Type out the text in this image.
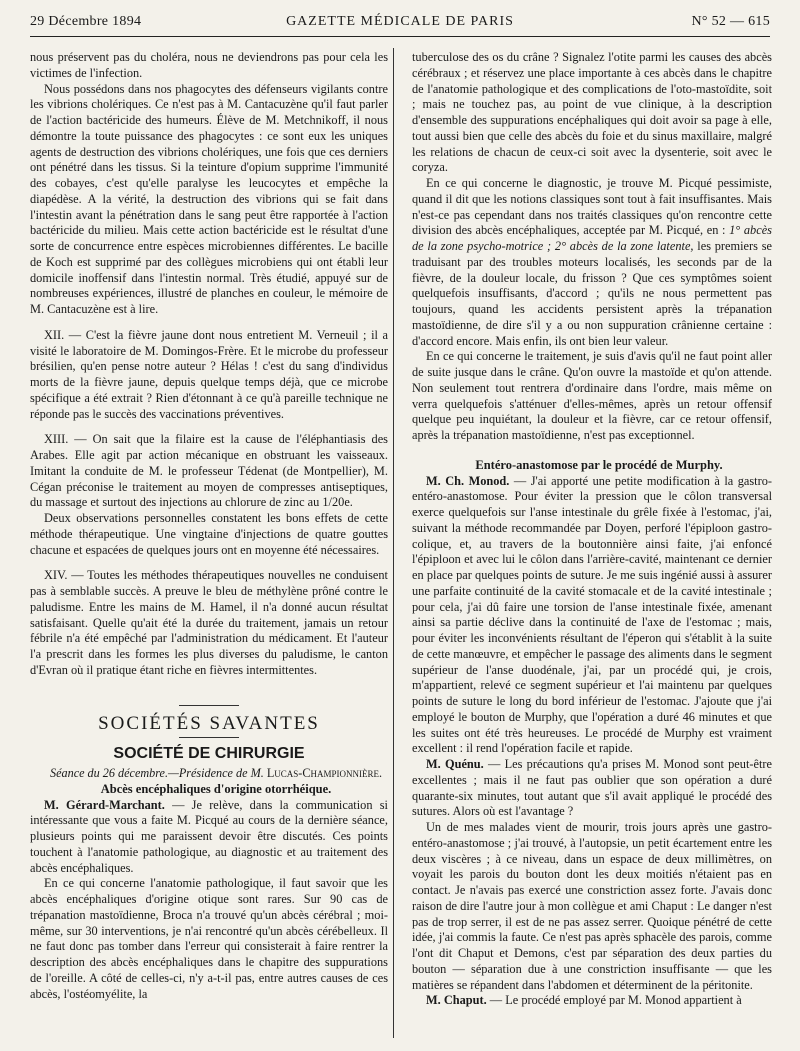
29 Décembre 1894	GAZETTE MÉDICALE DE PARIS	N° 52 — 615

nous préservent pas du choléra, nous ne deviendrons pas pour cela les victimes de l'infection.

Nous possédons dans nos phagocytes des défenseurs vigilants contre les vibrions cholériques. Ce n'est pas à M. Cantacuzène qu'il faut parler de l'action bactéricide des humeurs. Élève de M. Metchnikoff, il nous démontre la toute puissance des phagocytes : ce sont eux les uniques agents de destruction des vibrions cholériques, une fois que ces derniers ont pénétré dans les tissus. Si la teinture d'opium supprime l'immunité des cobayes, c'est qu'elle paralyse les leucocytes et empêche la diapédèse. A la vérité, la destruction des vibrions qui se fait dans l'intestin avant la pénétration dans le sang peut être rapportée à l'action bactéricide du milieu. Mais cette action bactéricide est le résultat d'une sorte de concurrence entre espèces microbiennes différentes. Le bacille de Koch est supprimé par des collègues microbiens qui ont établi leur domicile inoffensif dans l'intestin normal. Très étudié, appuyé sur de nombreuses expériences, illustré de planches en couleur, le mémoire de M. Cantacuzène est à lire.

XII. — C'est la fièvre jaune dont nous entretient M. Verneuil ; il a visité le laboratoire de M. Domingos-Frère. Et le microbe du professeur brésilien, qu'en pense notre auteur ? Hélas ! c'est du sang d'individus morts de la fièvre jaune, depuis quelque temps déjà, que ce microbe spécifique a été extrait ? Rien d'étonnant à ce qu'à pareille technique ne réponde pas le succès des vaccinations préventives.

XIII. — On sait que la filaire est la cause de l'éléphantiasis des Arabes. Elle agit par action mécanique en obstruant les vaisseaux. Imitant la conduite de M. le professeur Tédenat (de Montpellier), M. Cégan préconise le traitement au moyen de compresses antiseptiques, du massage et surtout des injections au chlorure de zinc au 1/20e.

Deux observations personnelles constatent les bons effets de cette méthode thérapeutique. Une vingtaine d'injections de quatre gouttes chacune et espacées de quelques jours ont en moyenne été nécessaires.

XIV. — Toutes les méthodes thérapeutiques nouvelles ne conduisent pas à semblable succès. A preuve le bleu de méthylène prôné contre le paludisme. Entre les mains de M. Hamel, il n'a donné aucun résultat satisfaisant. Quelle qu'ait été la durée du traitement, jamais un retour fébrile n'a été empêché par l'administration du médicament. Et l'auteur l'a prescrit dans les formes les plus diverses du paludisme, le canton d'Evran où il pratique étant riche en fièvres intermittentes.

SOCIÉTÉS SAVANTES
SOCIÉTÉ DE CHIRURGIE

Séance du 26 décembre.—Présidence de M. Lucas-Championnière.

Abcès encéphaliques d'origine otorrhéique.

M. Gérard-Marchant. — Je relève, dans la communication si intéressante que vous a faite M. Picqué au cours de la dernière séance, plusieurs points qui me paraissent devoir être discutés. Ces points touchent à l'anatomie pathologique, au diagnostic et au traitement des abcès encéphaliques.

En ce qui concerne l'anatomie pathologique, il faut savoir que les abcès encéphaliques d'origine otique sont rares. Sur 90 cas de trépanation mastoïdienne, Broca n'a trouvé qu'un abcès cérébral ; moi-même, sur 30 interventions, je n'ai rencontré qu'un abcès cérébelleux. Il ne faut donc pas tomber dans l'erreur qui consisterait à faire rentrer la description des abcès encéphaliques dans le chapitre des suppurations de l'oreille. A côté de celles-ci, n'y a-t-il pas, entre autres causes de ces abcès, l'ostéomyélite, la

tuberculose des os du crâne ? Signalez l'otite parmi les causes des abcès cérébraux ; et réservez une place importante à ces abcès dans le chapitre de l'anatomie pathologique et des complications de l'oto-mastoïdite, soit ; mais ne touchez pas, au point de vue clinique, à la description d'ensemble des suppurations encéphaliques qui doit avoir sa page à elle, tout aussi bien que celle des abcès du foie et du sinus maxillaire, malgré les relations de chacun de ceux-ci soit avec la dysenterie, soit avec le coryza.

En ce qui concerne le diagnostic, je trouve M. Picqué pessimiste, quand il dit que les notions classiques sont tout à fait insuffisantes. Mais n'est-ce pas cependant dans nos traités classiques qu'on rencontre cette division des abcès encéphaliques, acceptée par M. Picqué, en : 1° abcès de la zone psycho-motrice ; 2° abcès de la zone latente, les premiers se traduisant par des troubles moteurs localisés, les seconds par de la fièvre, de la douleur locale, du frisson ? Que ces symptômes soient quelquefois insuffisants, d'accord ; qu'ils ne nous permettent pas toujours, quand les accidents persistent après la trépanation mastoïdienne, de dire s'il y a ou non suppuration crânienne certaine : d'accord encore. Mais enfin, ils ont bien leur valeur.

En ce qui concerne le traitement, je suis d'avis qu'il ne faut point aller de suite jusque dans le crâne. Qu'on ouvre la mastoïde et qu'on attende. Non seulement tout rentrera d'ordinaire dans l'ordre, mais même on verra quelquefois s'atténuer d'elles-mêmes, après un retour offensif quelque peu inquiétant, la douleur et la fièvre, car ce retour offensif, après la trépanation mastoïdienne, n'est pas exceptionnel.

Entéro-anastomose par le procédé de Murphy.

M. Ch. Monod. — J'ai apporté une petite modification à la gastro-entéro-anastomose. Pour éviter la pression que le côlon transversal exerce quelquefois sur l'anse intestinale du grêle fixée à l'estomac, j'ai, suivant la méthode recommandée par Doyen, perforé l'épiploon gastro-colique, et, au travers de la boutonnière ainsi faite, j'ai enfoncé l'épiploon et avec lui le côlon dans l'arrière-cavité, maintenant ce dernier en place par quelques points de suture. Je me suis ingénié aussi à assurer une parfaite continuité de la cavité stomacale et de la cavité intestinale ; pour cela, j'ai dû faire une torsion de l'anse intestinale fixée, amenant ainsi sa partie déclive dans la continuité de l'axe de l'estomac ; mais, pour éviter les inconvénients résultant de l'éperon qui s'établit à la suite de cette manœuvre, et empêcher le passage des aliments dans le segment supérieur de l'anse duodénale, j'ai, par un procédé qui, je crois, m'appartient, relevé ce segment supérieur et l'ai maintenu par quelques points de suture le long du bord inférieur de l'estomac. J'ajoute que j'ai employé le bouton de Murphy, que l'opération a duré 46 minutes et que les suites ont été très heureuses. Le procédé de Murphy est vraiment excellent : il rend l'opération facile et rapide.

M. Quénu. — Les précautions qu'a prises M. Monod sont peut-être excellentes ; mais il ne faut pas oublier que son opération a duré quarante-six minutes, tout autant que s'il avait appliqué le procédé des sutures. Alors où est l'avantage ?

Un de mes malades vient de mourir, trois jours après une gastro-entéro-anastomose ; j'ai trouvé, à l'autopsie, un petit écartement entre les deux viscères ; à ce niveau, dans un espace de deux millimètres, on voyait les parois du bouton dont les deux moitiés n'étaient pas en contact. Je n'avais pas exercé une constriction assez forte. J'avais donc raison de dire l'autre jour à mon collègue et ami Chaput : Le danger n'est pas de trop serrer, il est de ne pas assez serrer. Quoique pénétré de cette idée, j'ai commis la faute. Ce n'est pas après sphacèle des parois, comme l'ont dit Chaput et Demons, c'est par séparation des deux parties du bouton — séparation due à une constriction insuffisante — que les matières se répandent dans l'abdomen et déterminent de la péritonite.

M. Chaput. — Le procédé employé par M. Monod appartient à
